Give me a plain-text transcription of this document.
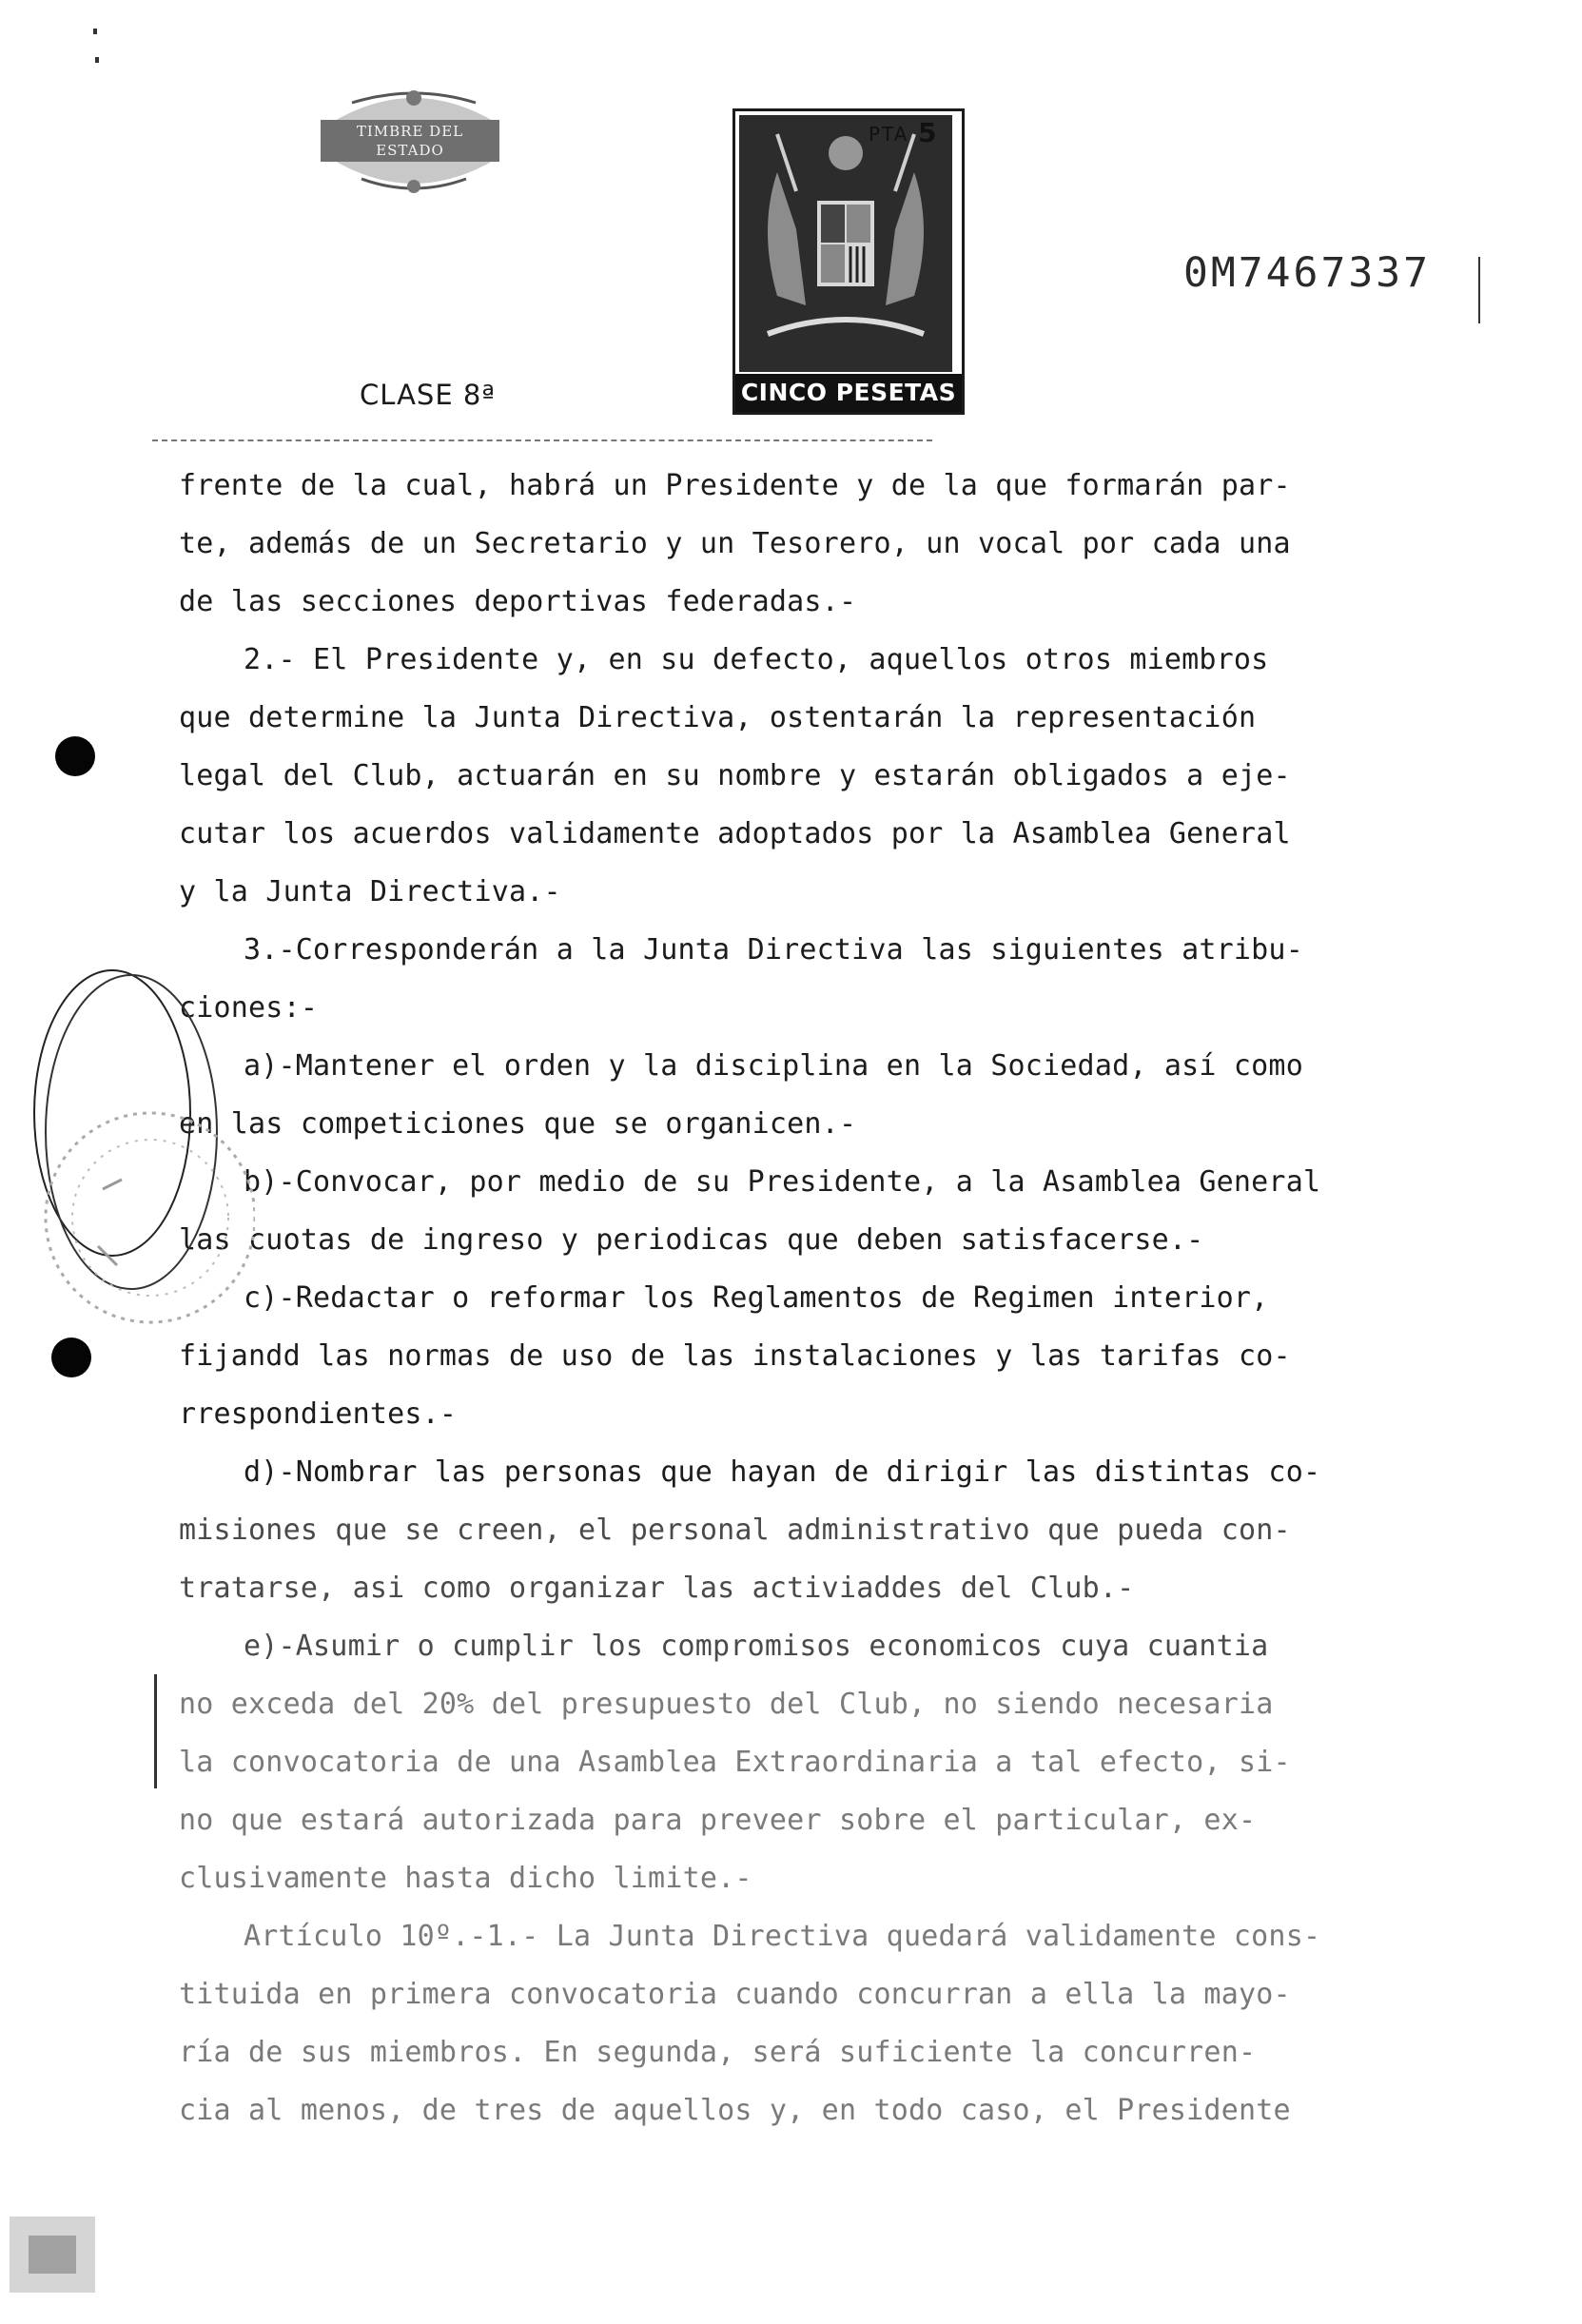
TIMBRE DEL ESTADO
PTA 5
CINCO PESETAS
0M7467337
CLASE 8ª
frente de la cual, habrá un Presidente y de la que formarán par-
te, además de un Secretario y un Tesorero, un vocal por cada una
de las secciones deportivas federadas.-
2.- El Presidente y, en su defecto, aquellos otros miembros
que determine la Junta Directiva, ostentarán la representación
legal del Club, actuarán en su nombre y estarán obligados a eje-
cutar los acuerdos validamente adoptados por la Asamblea General
y la Junta Directiva.-
3.-Corresponderán a la Junta Directiva las siguientes atribu-
ciones:-
a)-Mantener el orden y la disciplina en la Sociedad, así como
en las competiciones que se organicen.-
b)-Convocar, por medio de su Presidente, a la Asamblea General
las cuotas de ingreso y periodicas que deben satisfacerse.-
c)-Redactar o reformar los Reglamentos de Regimen interior,
fijandd las normas de uso de las instalaciones y las tarifas co-
rrespondientes.-
d)-Nombrar las personas que hayan de dirigir las distintas co-
misiones que se creen, el personal administrativo que pueda con-
tratarse, asi como organizar las activiaddes del Club.-
e)-Asumir o cumplir los compromisos economicos cuya cuantia
no exceda del 20% del presupuesto del Club, no siendo necesaria
la convocatoria de una Asamblea Extraordinaria a tal efecto, si-
no que estará autorizada para preveer sobre el particular, ex-
clusivamente hasta dicho limite.-
Artículo 10º.-1.- La Junta Directiva quedará validamente cons-
tituida en primera convocatoria cuando concurran a ella la mayo-
ría de sus miembros. En segunda, será suficiente la concurren-
cia al menos, de tres de aquellos y, en todo caso, el Presidente
